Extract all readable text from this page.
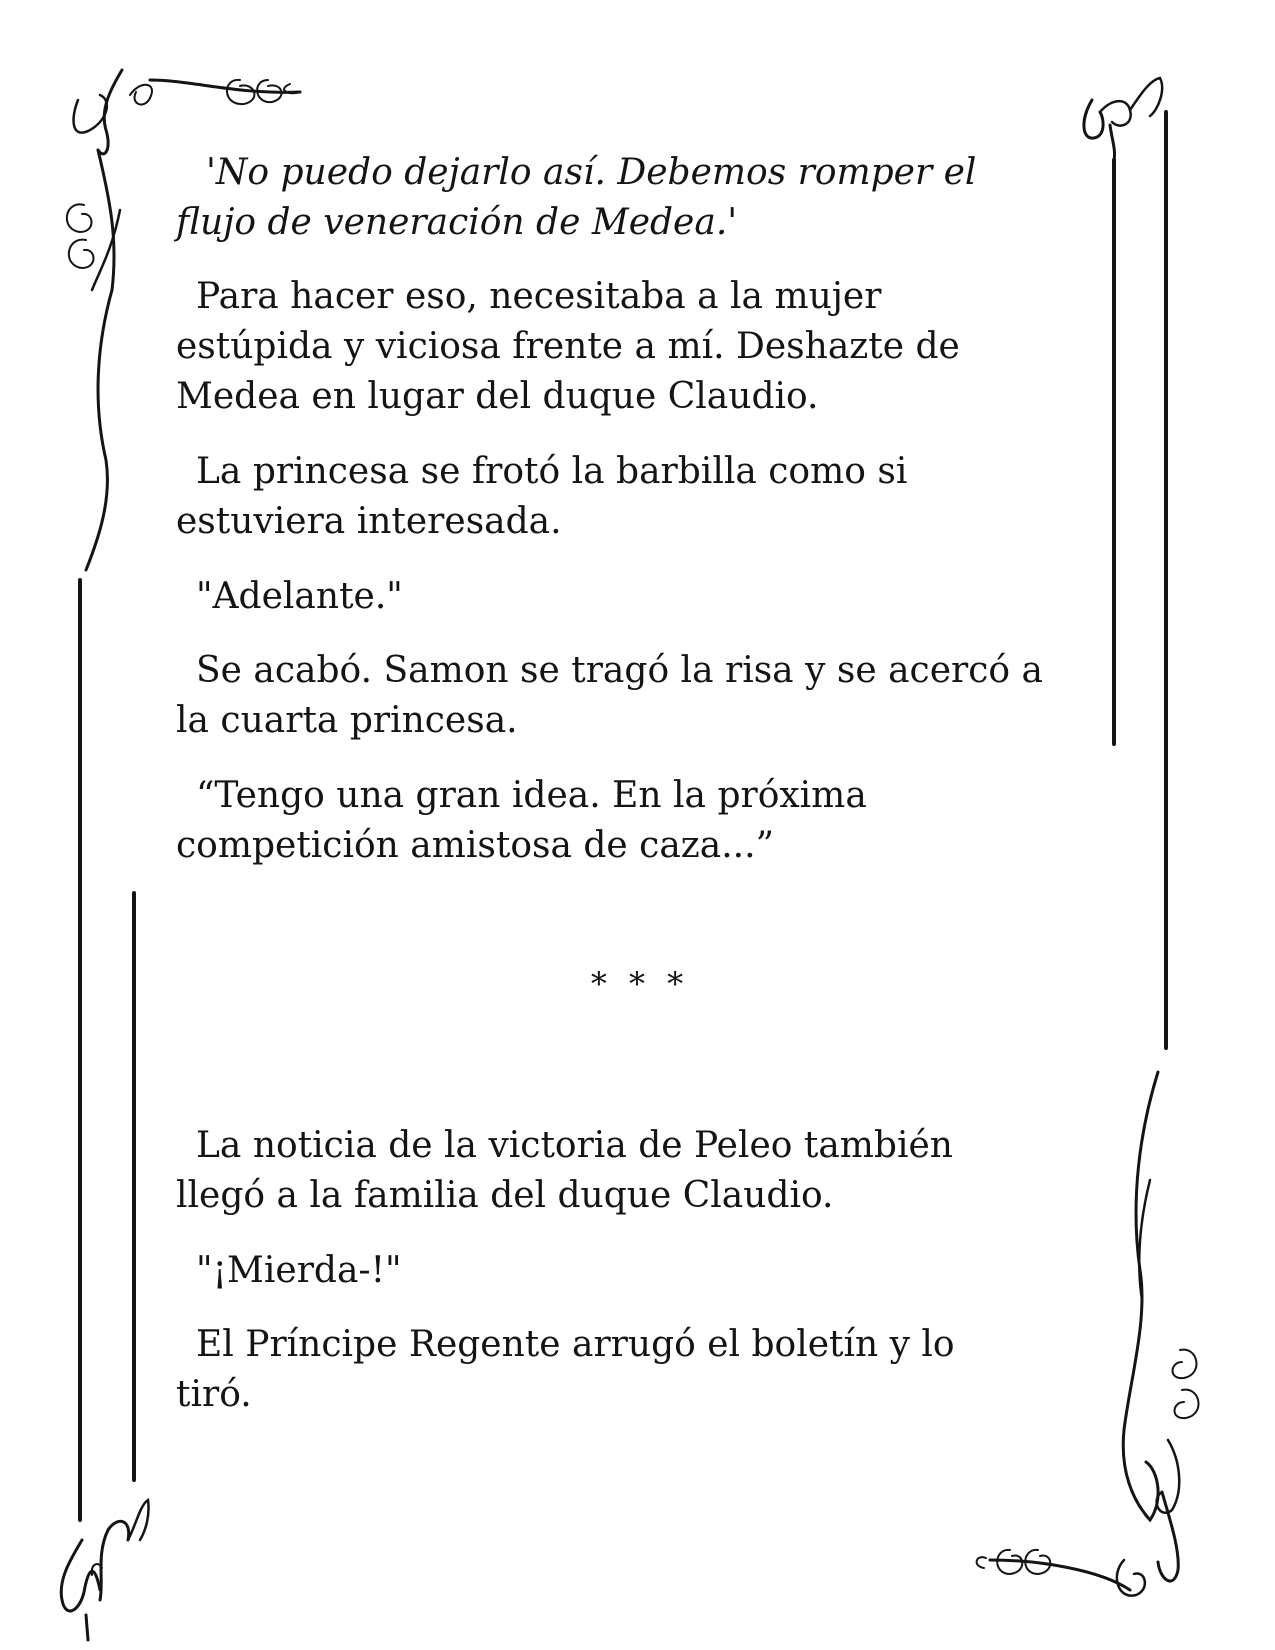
'No puedo dejarlo así. Debemos romper el
flujo de veneración de Medea.'

Para hacer eso, necesitaba a la mujer
estúpida y viciosa frente a mí. Deshazte de
Medea en lugar del duque Claudio.

La princesa se frotó la barbilla como si
estuviera interesada.

"Adelante."

Se acabó. Samon se tragó la risa y se acercó a
la cuarta princesa.

“Tengo una gran idea. En la próxima
competición amistosa de caza...”

* * *

La noticia de la victoria de Peleo también
llegó a la familia del duque Claudio.

"¡Mierda-!"

El Príncipe Regente arrugó el boletín y lo
tiró.
